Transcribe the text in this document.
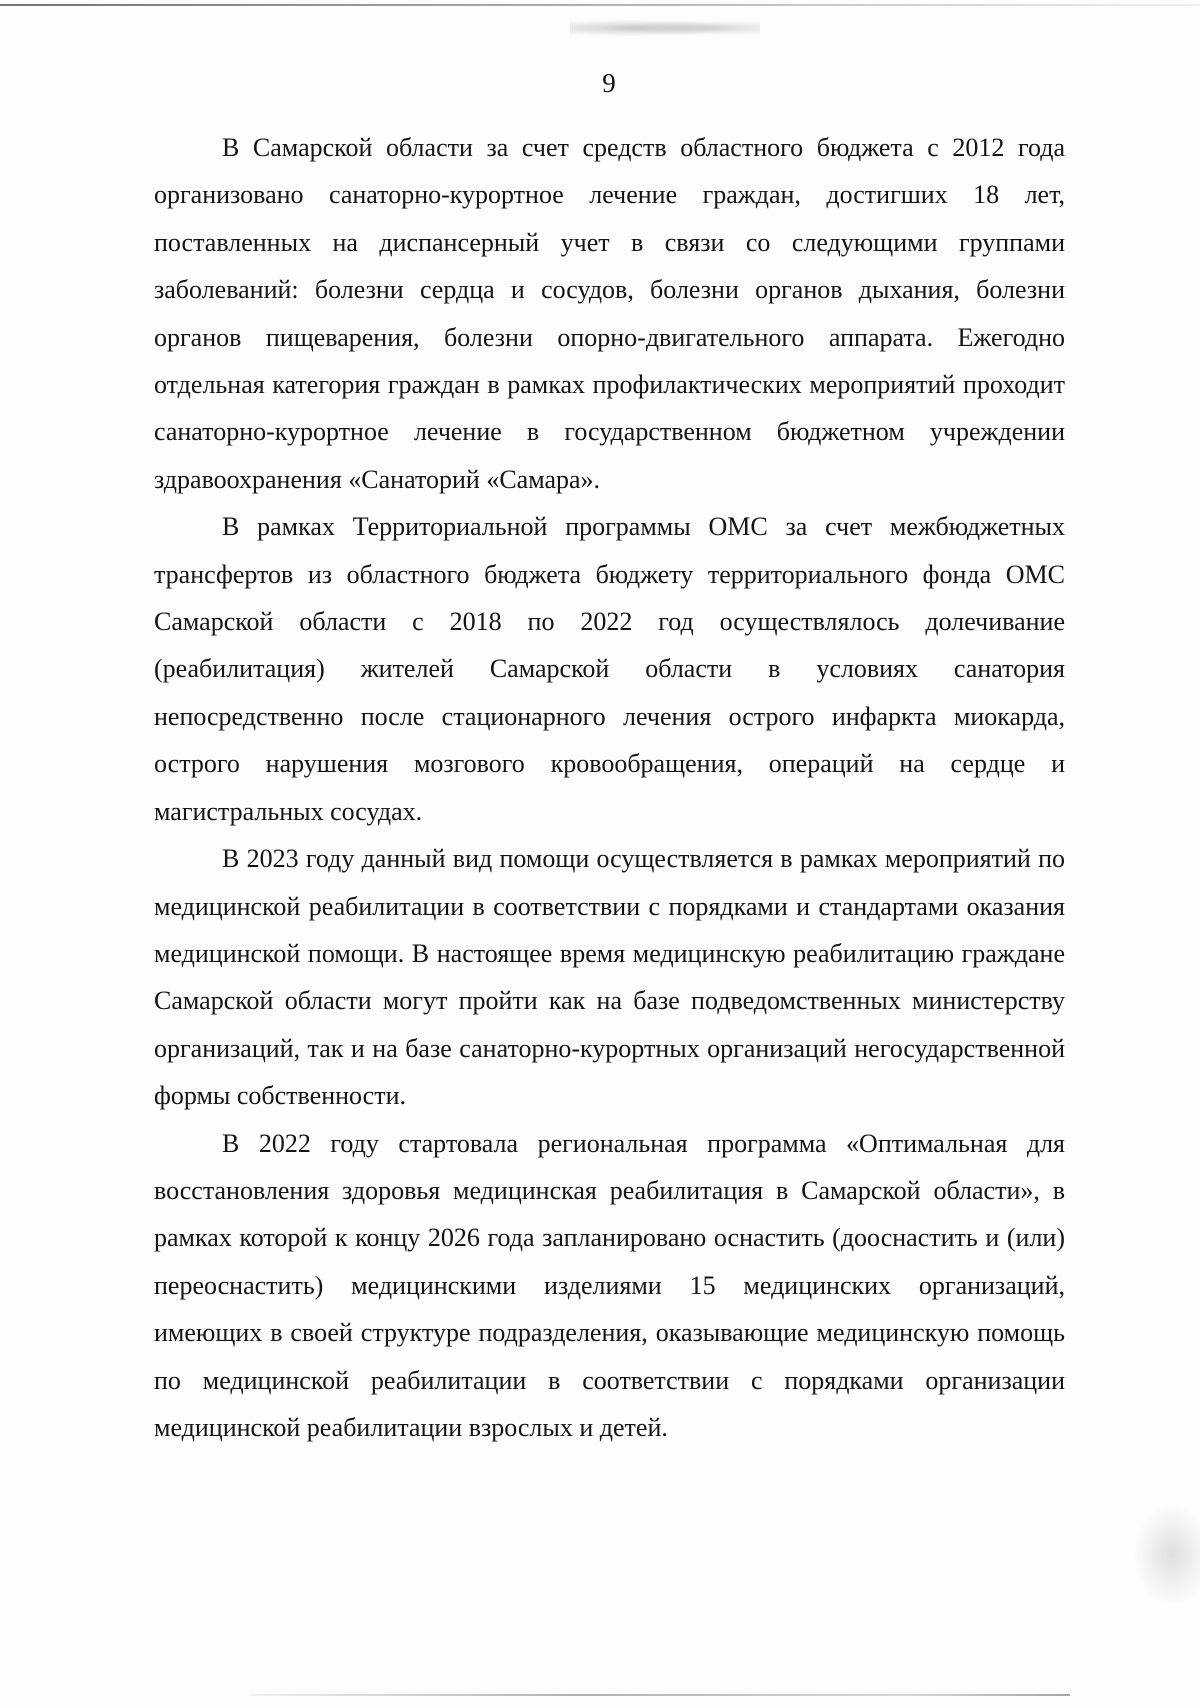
9

В Самарской области за счет средств областного бюджета с 2012 года организовано санаторно-курортное лечение граждан, достигших 18 лет, поставленных на диспансерный учет в связи со следующими группами заболеваний: болезни сердца и сосудов, болезни органов дыхания, болезни органов пищеварения, болезни опорно-двигательного аппарата. Ежегодно отдельная категория граждан в рамках профилактических мероприятий проходит санаторно-курортное лечение в государственном бюджетном учреждении здравоохранения «Санаторий «Самара».

В рамках Территориальной программы ОМС за счет межбюджетных трансфертов из областного бюджета бюджету территориального фонда ОМС Самарской области с 2018 по 2022 год осуществлялось долечивание (реабилитация) жителей Самарской области в условиях санатория непосредственно после стационарного лечения острого инфаркта миокарда, острого нарушения мозгового кровообращения, операций на сердце и магистральных сосудах.

В 2023 году данный вид помощи осуществляется в рамках мероприятий по медицинской реабилитации в соответствии с порядками и стандартами оказания медицинской помощи. В настоящее время медицинскую реабилитацию граждане Самарской области могут пройти как на базе подведомственных министерству организаций, так и на базе санаторно-курортных организаций негосударственной формы собственности.

В 2022 году стартовала региональная программа «Оптимальная для восстановления здоровья медицинская реабилитация в Самарской области», в рамках которой к концу 2026 года запланировано оснастить (дооснастить и (или) переоснастить) медицинскими изделиями 15 медицинских организаций, имеющих в своей структуре подразделения, оказывающие медицинскую помощь по медицинской реабилитации в соответствии с порядками организации медицинской реабилитации взрослых и детей.
